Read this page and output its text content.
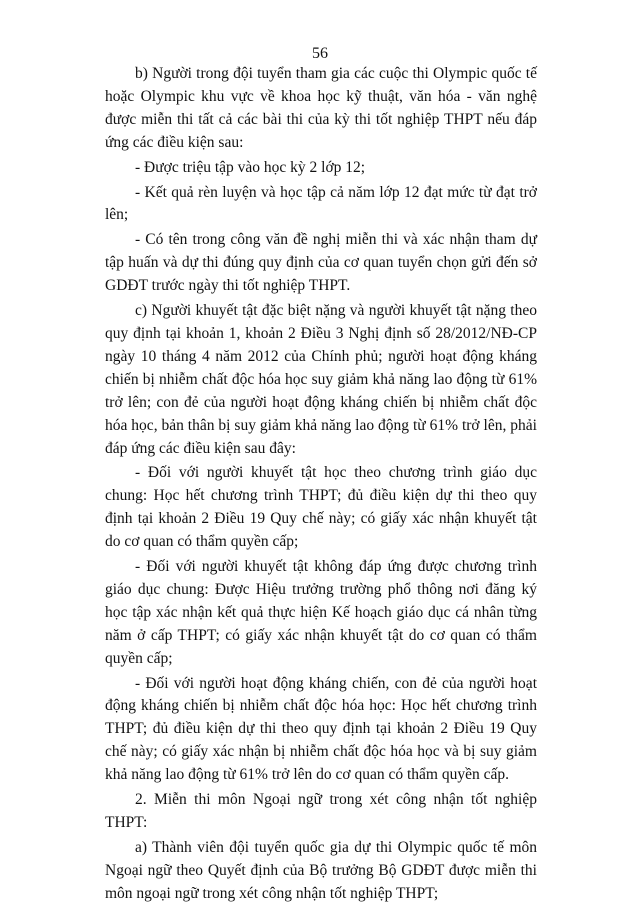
56

b) Người trong đội tuyển tham gia các cuộc thi Olympic quốc tế hoặc Olympic khu vực về khoa học kỹ thuật, văn hóa - văn nghệ được miễn thi tất cả các bài thi của kỳ thi tốt nghiệp THPT nếu đáp ứng các điều kiện sau:

- Được triệu tập vào học kỳ 2 lớp 12;

- Kết quả rèn luyện và học tập cả năm lớp 12 đạt mức từ đạt trở lên;

- Có tên trong công văn đề nghị miễn thi và xác nhận tham dự tập huấn và dự thi đúng quy định của cơ quan tuyển chọn gửi đến sở GDĐT trước ngày thi tốt nghiệp THPT.

c) Người khuyết tật đặc biệt nặng và người khuyết tật nặng theo quy định tại khoản 1, khoản 2 Điều 3 Nghị định số 28/2012/NĐ-CP ngày 10 tháng 4 năm 2012 của Chính phủ; người hoạt động kháng chiến bị nhiễm chất độc hóa học suy giảm khả năng lao động từ 61% trở lên; con đẻ của người hoạt động kháng chiến bị nhiễm chất độc hóa học, bản thân bị suy giảm khả năng lao động từ 61% trở lên, phải đáp ứng các điều kiện sau đây:

- Đối với người khuyết tật học theo chương trình giáo dục chung: Học hết chương trình THPT; đủ điều kiện dự thi theo quy định tại khoản 2 Điều 19 Quy chế này; có giấy xác nhận khuyết tật do cơ quan có thẩm quyền cấp;

- Đối với người khuyết tật không đáp ứng được chương trình giáo dục chung: Được Hiệu trưởng trường phổ thông nơi đăng ký học tập xác nhận kết quả thực hiện Kế hoạch giáo dục cá nhân từng năm ở cấp THPT; có giấy xác nhận khuyết tật do cơ quan có thẩm quyền cấp;

- Đối với người hoạt động kháng chiến, con đẻ của người hoạt động kháng chiến bị nhiễm chất độc hóa học: Học hết chương trình THPT; đủ điều kiện dự thi theo quy định tại khoản 2 Điều 19 Quy chế này; có giấy xác nhận bị nhiễm chất độc hóa học và bị suy giảm khả năng lao động từ 61% trở lên do cơ quan có thẩm quyền cấp.

2. Miễn thi môn Ngoại ngữ trong xét công nhận tốt nghiệp THPT:

a) Thành viên đội tuyển quốc gia dự thi Olympic quốc tế môn Ngoại ngữ theo Quyết định của Bộ trưởng Bộ GDĐT được miễn thi môn ngoại ngữ trong xét công nhận tốt nghiệp THPT;
